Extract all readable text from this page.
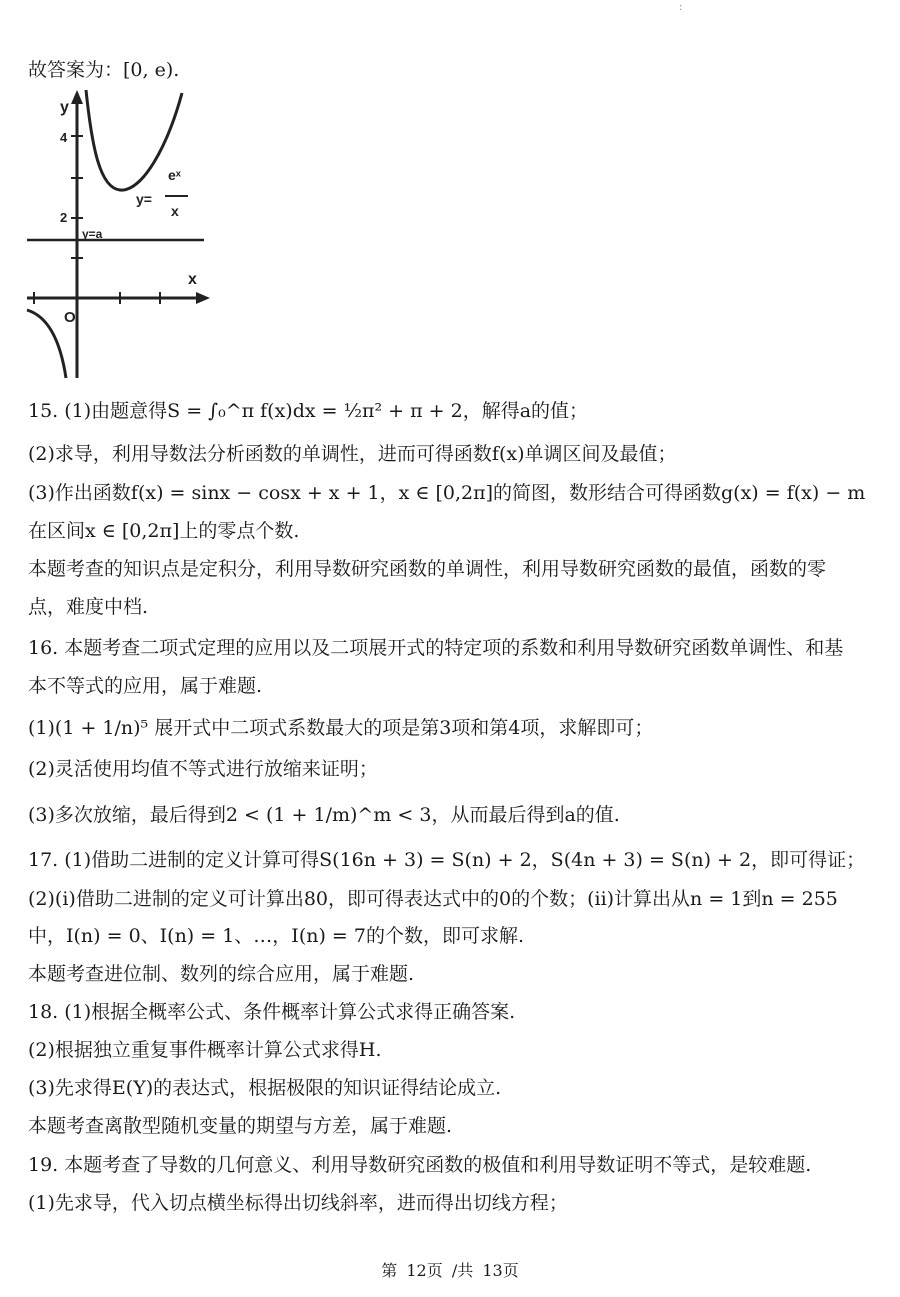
:
故答案为：[0, e).
y
x
O
4
2
y=a
y=
eˣ
x
15. (1)由题意得S = ∫₀^π f(x)dx = ½π² + π + 2，解得a的值；
(2)求导，利用导数法分析函数的单调性，进而可得函数f(x)单调区间及最值；
(3)作出函数f(x) = sinx − cosx + x + 1，x ∈ [0,2π]的简图，数形结合可得函数g(x) = f(x) − m
在区间x ∈ [0,2π]上的零点个数.
本题考查的知识点是定积分，利用导数研究函数的单调性，利用导数研究函数的最值，函数的零
点，难度中档.
16. 本题考查二项式定理的应用以及二项展开式的特定项的系数和利用导数研究函数单调性、和基
本不等式的应用，属于难题.
(1)(1 + 1/n)⁵ 展开式中二项式系数最大的项是第3项和第4项，求解即可；
(2)灵活使用均值不等式进行放缩来证明；
(3)多次放缩，最后得到2 < (1 + 1/m)^m < 3，从而最后得到a的值.
17. (1)借助二进制的定义计算可得S(16n + 3) = S(n) + 2，S(4n + 3) = S(n) + 2，即可得证；
(2)(i)借助二进制的定义可计算出80，即可得表达式中的0的个数；(ii)计算出从n = 1到n = 255
中，I(n) = 0、I(n) = 1、…，I(n) = 7的个数，即可求解.
本题考查进位制、数列的综合应用，属于难题.
18. (1)根据全概率公式、条件概率计算公式求得正确答案.
(2)根据独立重复事件概率计算公式求得H.
(3)先求得E(Y)的表达式，根据极限的知识证得结论成立.
本题考查离散型随机变量的期望与方差，属于难题.
19. 本题考查了导数的几何意义、利用导数研究函数的极值和利用导数证明不等式，是较难题.
(1)先求导，代入切点横坐标得出切线斜率，进而得出切线方程；
第 12页 /共 13页
